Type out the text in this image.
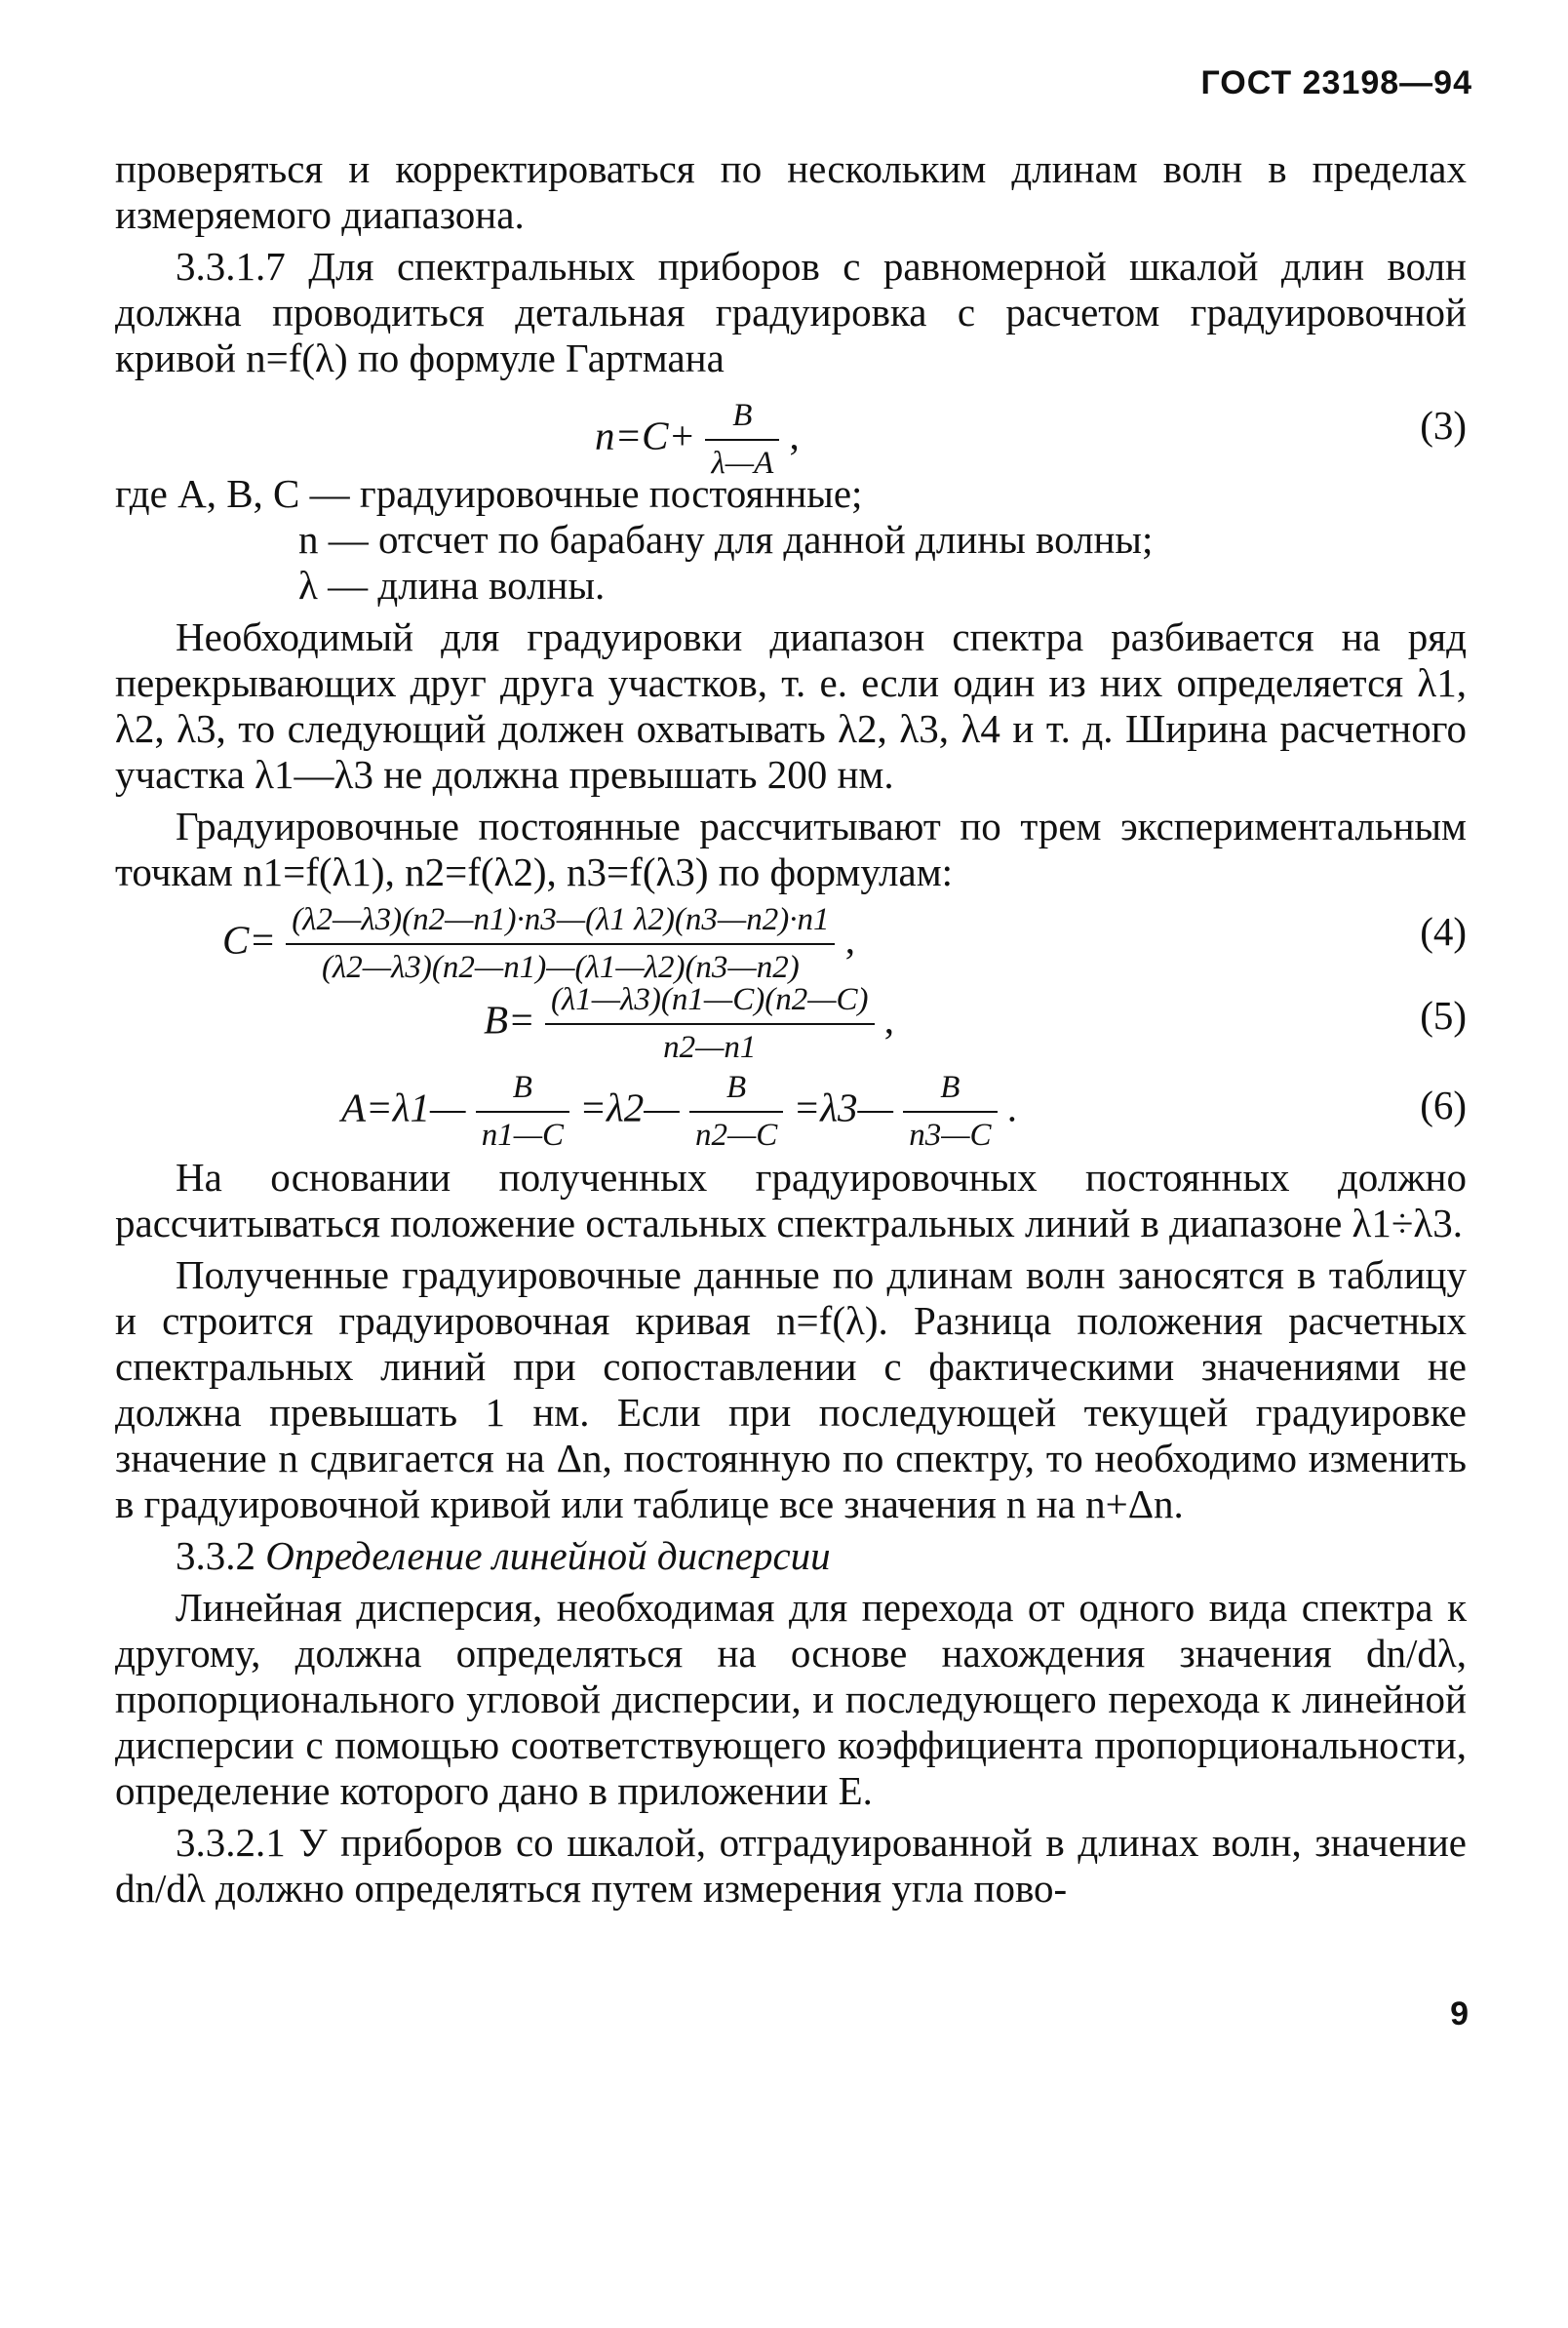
ГОСТ 23198—94

проверяться и корректироваться по нескольким длинам волн в пределах измеряемого диапазона.

3.3.1.7 Для спектральных приборов с равномерной шкалой длин волн должна проводиться детальная градуировка с расчетом градуировочной кривой n=f(λ) по формуле Гартмана

$n=C+ \frac{B}{\lambda—A}$ ,	(3)
где A, B, C — градуировочные постоянные;
n — отсчет по барабану для данной длины волны;
λ — длина волны.

Необходимый для градуировки диапазон спектра разбивается на ряд перекрывающих друг друга участков, т. е. если один из них определяется λ1, λ2, λ3, то следующий должен охватывать λ2, λ3, λ4 и т. д. Ширина расчетного участка λ1—λ3 не должна превышать 200 нм.

Градуировочные постоянные рассчитывают по трем экспериментальным точкам n1=f(λ1), n2=f(λ2), n3=f(λ3) по формулам:

$C= \frac{(\lambda 2—\lambda 3)(n2—n1)\cdot n3—(\lambda 1 \lambda 2)(n3—n2)\cdot n1}{(\lambda 2—\lambda 3)(n2—n1)—(\lambda 1—\lambda 2)(n3—n2)}$ ,	(4)
$B= \frac{(\lambda 1—\lambda 3)(n1—C)(n2—C)}{n2—n1}$ ,	(5)
A=λ1— $\frac{B}{n1—C}$ =λ2— $\frac{B}{n2—C}$ =λ3— $\frac{B}{n3—C}$ .	(6)

На основании полученных градуировочных постоянных должно рассчитываться положение остальных спектральных линий в диапазоне λ1÷λ3.

Полученные градуировочные данные по длинам волн заносятся в таблицу и строится градуировочная кривая n=f(λ). Разница положения расчетных спектральных линий при сопоставлении с фактическими значениями не должна превышать 1 нм. Если при последующей текущей градуировке значение n сдвигается на Δn, постоянную по спектру, то необходимо изменить в градуировочной кривой или таблице все значения n на n+Δn.

3.3.2 Определение линейной дисперсии

Линейная дисперсия, необходимая для перехода от одного вида спектра к другому, должна определяться на основе нахождения значения dn/dλ, пропорционального угловой дисперсии, и последующего перехода к линейной дисперсии с помощью соответствующего коэффициента пропорциональности, определение которого дано в приложении Е.

3.3.2.1 У приборов со шкалой, отградуированной в длинах волн, значение dn/dλ должно определяться путем измерения угла пово-

9
